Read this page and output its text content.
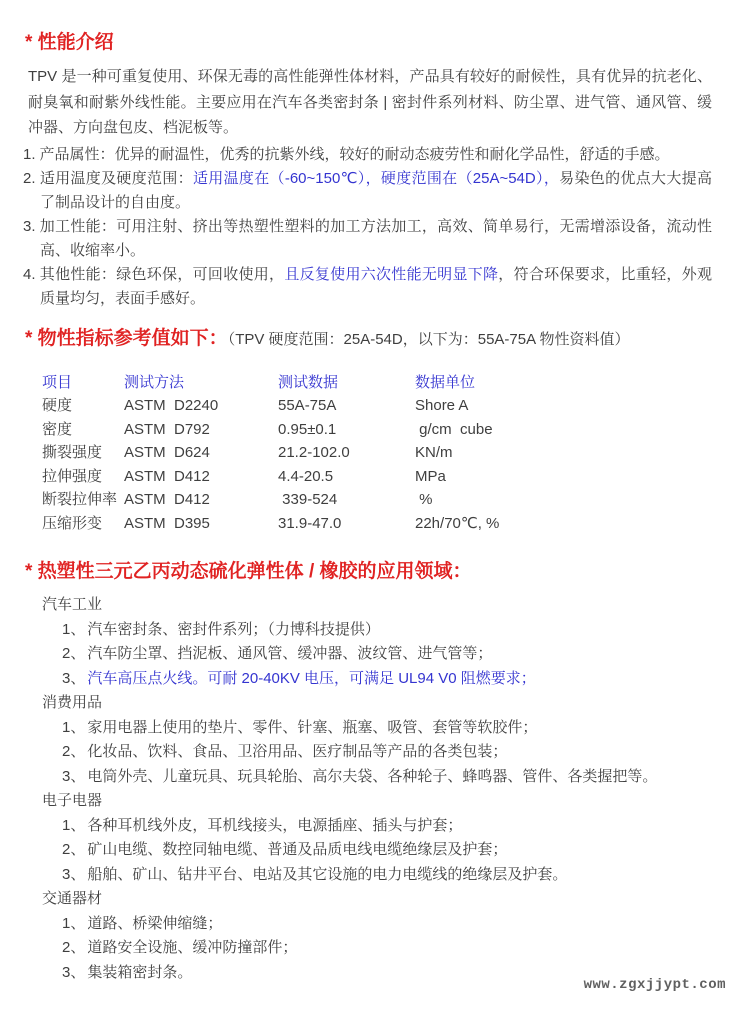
* 性能介绍

TPV 是一种可重复使用、环保无毒的高性能弹性体材料，产品具有较好的耐候性，具有优异的抗老化、耐臭氧和耐紫外线性能。主要应用在汽车各类密封条 | 密封件系列材料、防尘罩、进气管、通风管、缓冲器、方向盘包皮、档泥板等。

1. 产品属性：优异的耐温性，优秀的抗紫外线，较好的耐动态疲劳性和耐化学品性，舒适的手感。
2. 适用温度及硬度范围：适用温度在（-60~150℃），硬度范围在（25A~54D），易染色的优点大大提高了制品设计的自由度。
3. 加工性能：可用注射、挤出等热塑性塑料的加工方法加工，高效、简单易行，无需增添设备，流动性高、收缩率小。
4. 其他性能：绿色环保，可回收使用，且反复使用六次性能无明显下降，符合环保要求，比重轻，外观质量均匀，表面手感好。
* 物性指标参考值如下：（TPV 硬度范围：25A-54D，以下为：55A-75A 物性资料值）
项目	测试方法	测试数据	数据单位
硬度	ASTM  D2240	55A-75A	Shore A
密度	ASTM  D792	0.95±0.1	g/cm  cube
撕裂强度	ASTM  D624	21.2-102.0	KN/m
拉伸强度	ASTM  D412	4.4-20.5	MPa
断裂拉伸率	ASTM  D412	339-524	%
压缩形变	ASTM  D395	31.9-47.0	22h/70℃, %
* 热塑性三元乙丙动态硫化弹性体 / 橡胶的应用领域：
汽车工业
1、 汽车密封条、密封件系列；（力博科技提供）
2、 汽车防尘罩、挡泥板、通风管、缓冲器、波纹管、进气管等；
3、 汽车高压点火线。可耐 20-40KV 电压，可满足 UL94 V0 阻燃要求；
消费用品
1、 家用电器上使用的垫片、零件、针塞、瓶塞、吸管、套管等软胶件；
2、 化妆品、饮料、食品、卫浴用品、医疗制品等产品的各类包装；
3、 电筒外壳、儿童玩具、玩具轮胎、高尔夫袋、各种轮子、蜂鸣器、管件、各类握把等。
电子电器
1、 各种耳机线外皮，耳机线接头，电源插座、插头与护套；
2、 矿山电缆、数控同轴电缆、普通及品质电线电缆绝缘层及护套；
3、 船舶、矿山、钻井平台、电站及其它设施的电力电缆线的绝缘层及护套。
交通器材
1、 道路、桥梁伸缩缝；
2、 道路安全设施、缓冲防撞部件；
3、 集装箱密封条。
www.zgxjjypt.com
